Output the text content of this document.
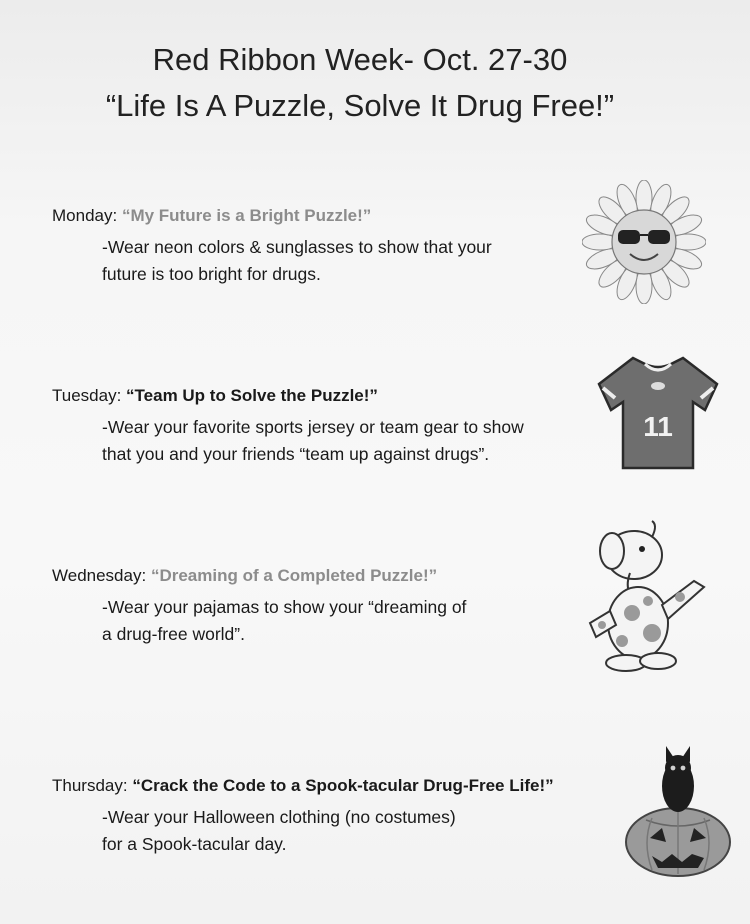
Red Ribbon Week- Oct. 27-30
“Life Is A Puzzle, Solve It Drug Free!”
Monday: “My Future is a Bright Puzzle!”
-Wear neon colors & sunglasses to show that your
future is too bright for drugs.
Tuesday: “Team Up to Solve the Puzzle!”
-Wear your favorite sports jersey or team gear to show
that you and your friends “team up against drugs”.
Wednesday: “Dreaming of a Completed Puzzle!”
-Wear your pajamas to show your “dreaming of
a drug-free world”.
Thursday: “Crack the Code to a Spook-tacular Drug-Free Life!”
-Wear your Halloween clothing (no costumes)
for a Spook-tacular day.
11
